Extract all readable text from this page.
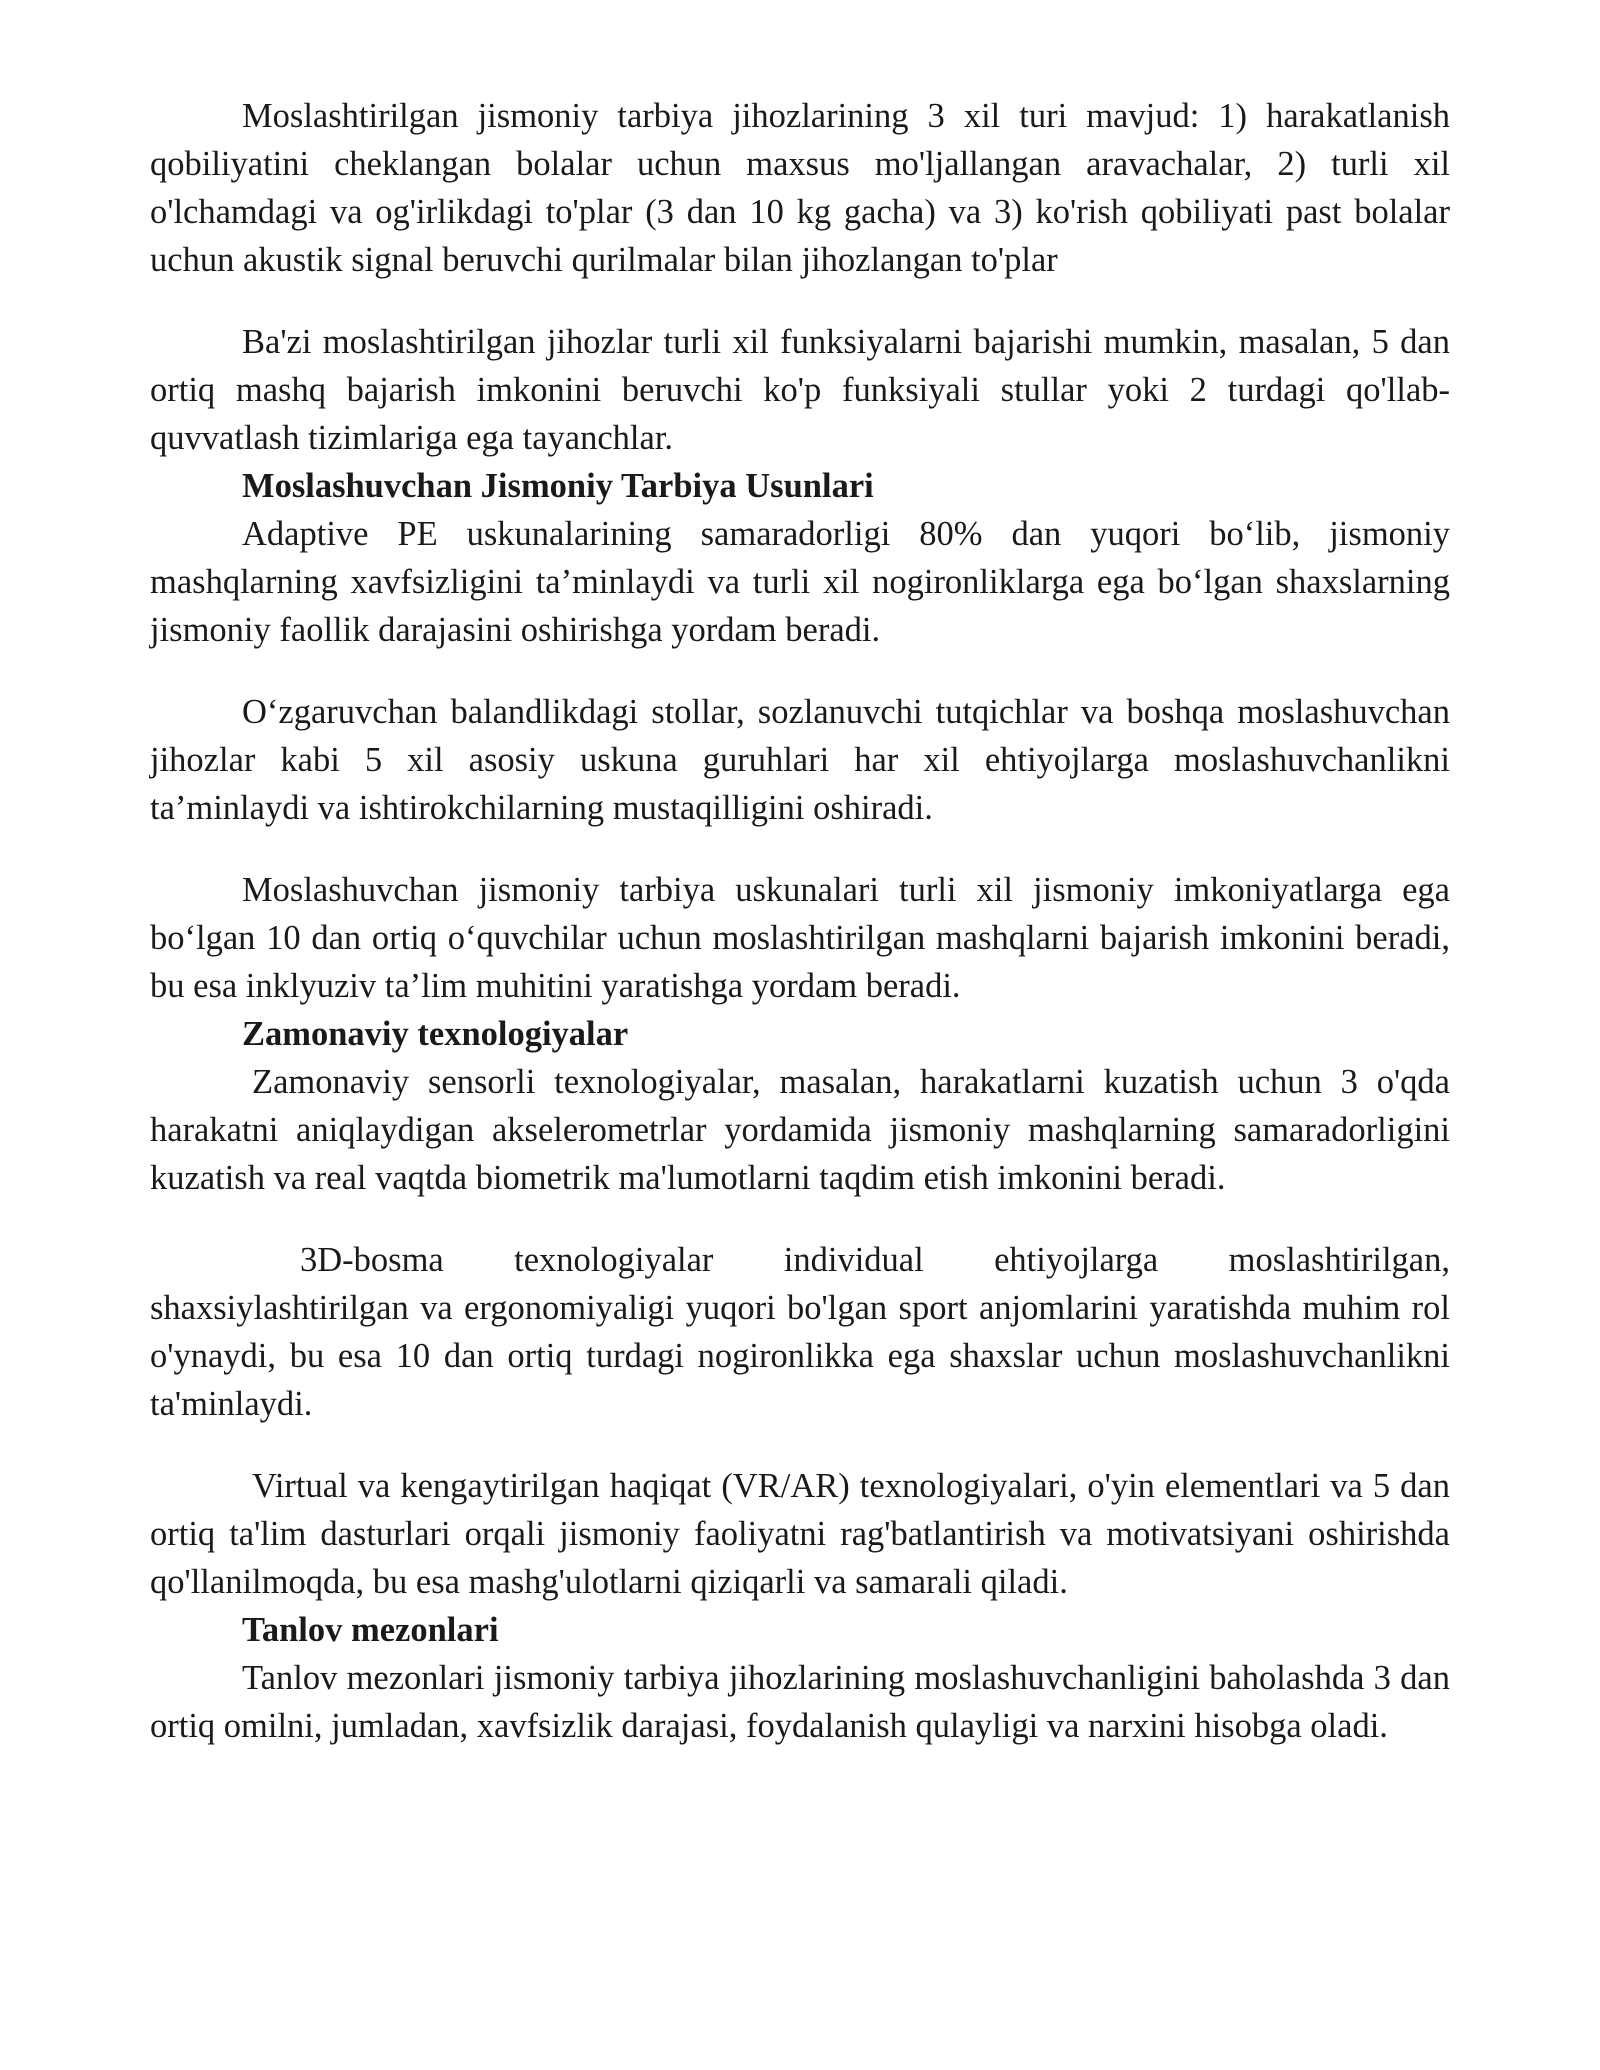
Moslashtirilgan jismoniy tarbiya jihozlarining 3 xil turi mavjud: 1) harakatlanish qobiliyatini cheklangan bolalar uchun maxsus mo'ljallangan aravachalar, 2) turli xil o'lchamdagi va og'irlikdagi to'plar (3 dan 10 kg gacha) va 3) ko'rish qobiliyati past bolalar uchun akustik signal beruvchi qurilmalar bilan jihozlangan to'plar

Ba'zi moslashtirilgan jihozlar turli xil funksiyalarni bajarishi mumkin, masalan, 5 dan ortiq mashq bajarish imkonini beruvchi ko'p funksiyali stullar yoki 2 turdagi qo'llab-quvvatlash tizimlariga ega tayanchlar.

Moslashuvchan Jismoniy Tarbiya Usunlari

Adaptive PE uskunalarining samaradorligi 80% dan yuqori bo‘lib, jismoniy mashqlarning xavfsizligini ta’minlaydi va turli xil nogironliklarga ega bo‘lgan shaxslarning jismoniy faollik darajasini oshirishga yordam beradi.

O‘zgaruvchan balandlikdagi stollar, sozlanuvchi tutqichlar va boshqa moslashuvchan jihozlar kabi 5 xil asosiy uskuna guruhlari har xil ehtiyojlarga moslashuvchanlikni ta’minlaydi va ishtirokchilarning mustaqilligini oshiradi.

Moslashuvchan jismoniy tarbiya uskunalari turli xil jismoniy imkoniyatlarga ega bo‘lgan 10 dan ortiq o‘quvchilar uchun moslashtirilgan mashqlarni bajarish imkonini beradi, bu esa inklyuziv ta’lim muhitini yaratishga yordam beradi.

Zamonaviy texnologiyalar

Zamonaviy sensorli texnologiyalar, masalan, harakatlarni kuzatish uchun 3 o'qda harakatni aniqlaydigan akselerometrlar yordamida jismoniy mashqlarning samaradorligini kuzatish va real vaqtda biometrik ma'lumotlarni taqdim etish imkonini beradi.

3D-bosma texnologiyalar individual ehtiyojlarga moslashtirilgan, shaxsiylashtirilgan va ergonomiyaligi yuqori bo'lgan sport anjomlarini yaratishda muhim rol o'ynaydi, bu esa 10 dan ortiq turdagi nogironlikka ega shaxslar uchun moslashuvchanlikni ta'minlaydi.

Virtual va kengaytirilgan haqiqat (VR/AR) texnologiyalari, o'yin elementlari va 5 dan ortiq ta'lim dasturlari orqali jismoniy faoliyatni rag'batlantirish va motivatsiyani oshirishda qo'llanilmoqda, bu esa mashg'ulotlarni qiziqarli va samarali qiladi.

Tanlov mezonlari

Tanlov mezonlari jismoniy tarbiya jihozlarining moslashuvchanligini baholashda 3 dan ortiq omilni, jumladan, xavfsizlik darajasi, foydalanish qulayligi va narxini hisobga oladi.
